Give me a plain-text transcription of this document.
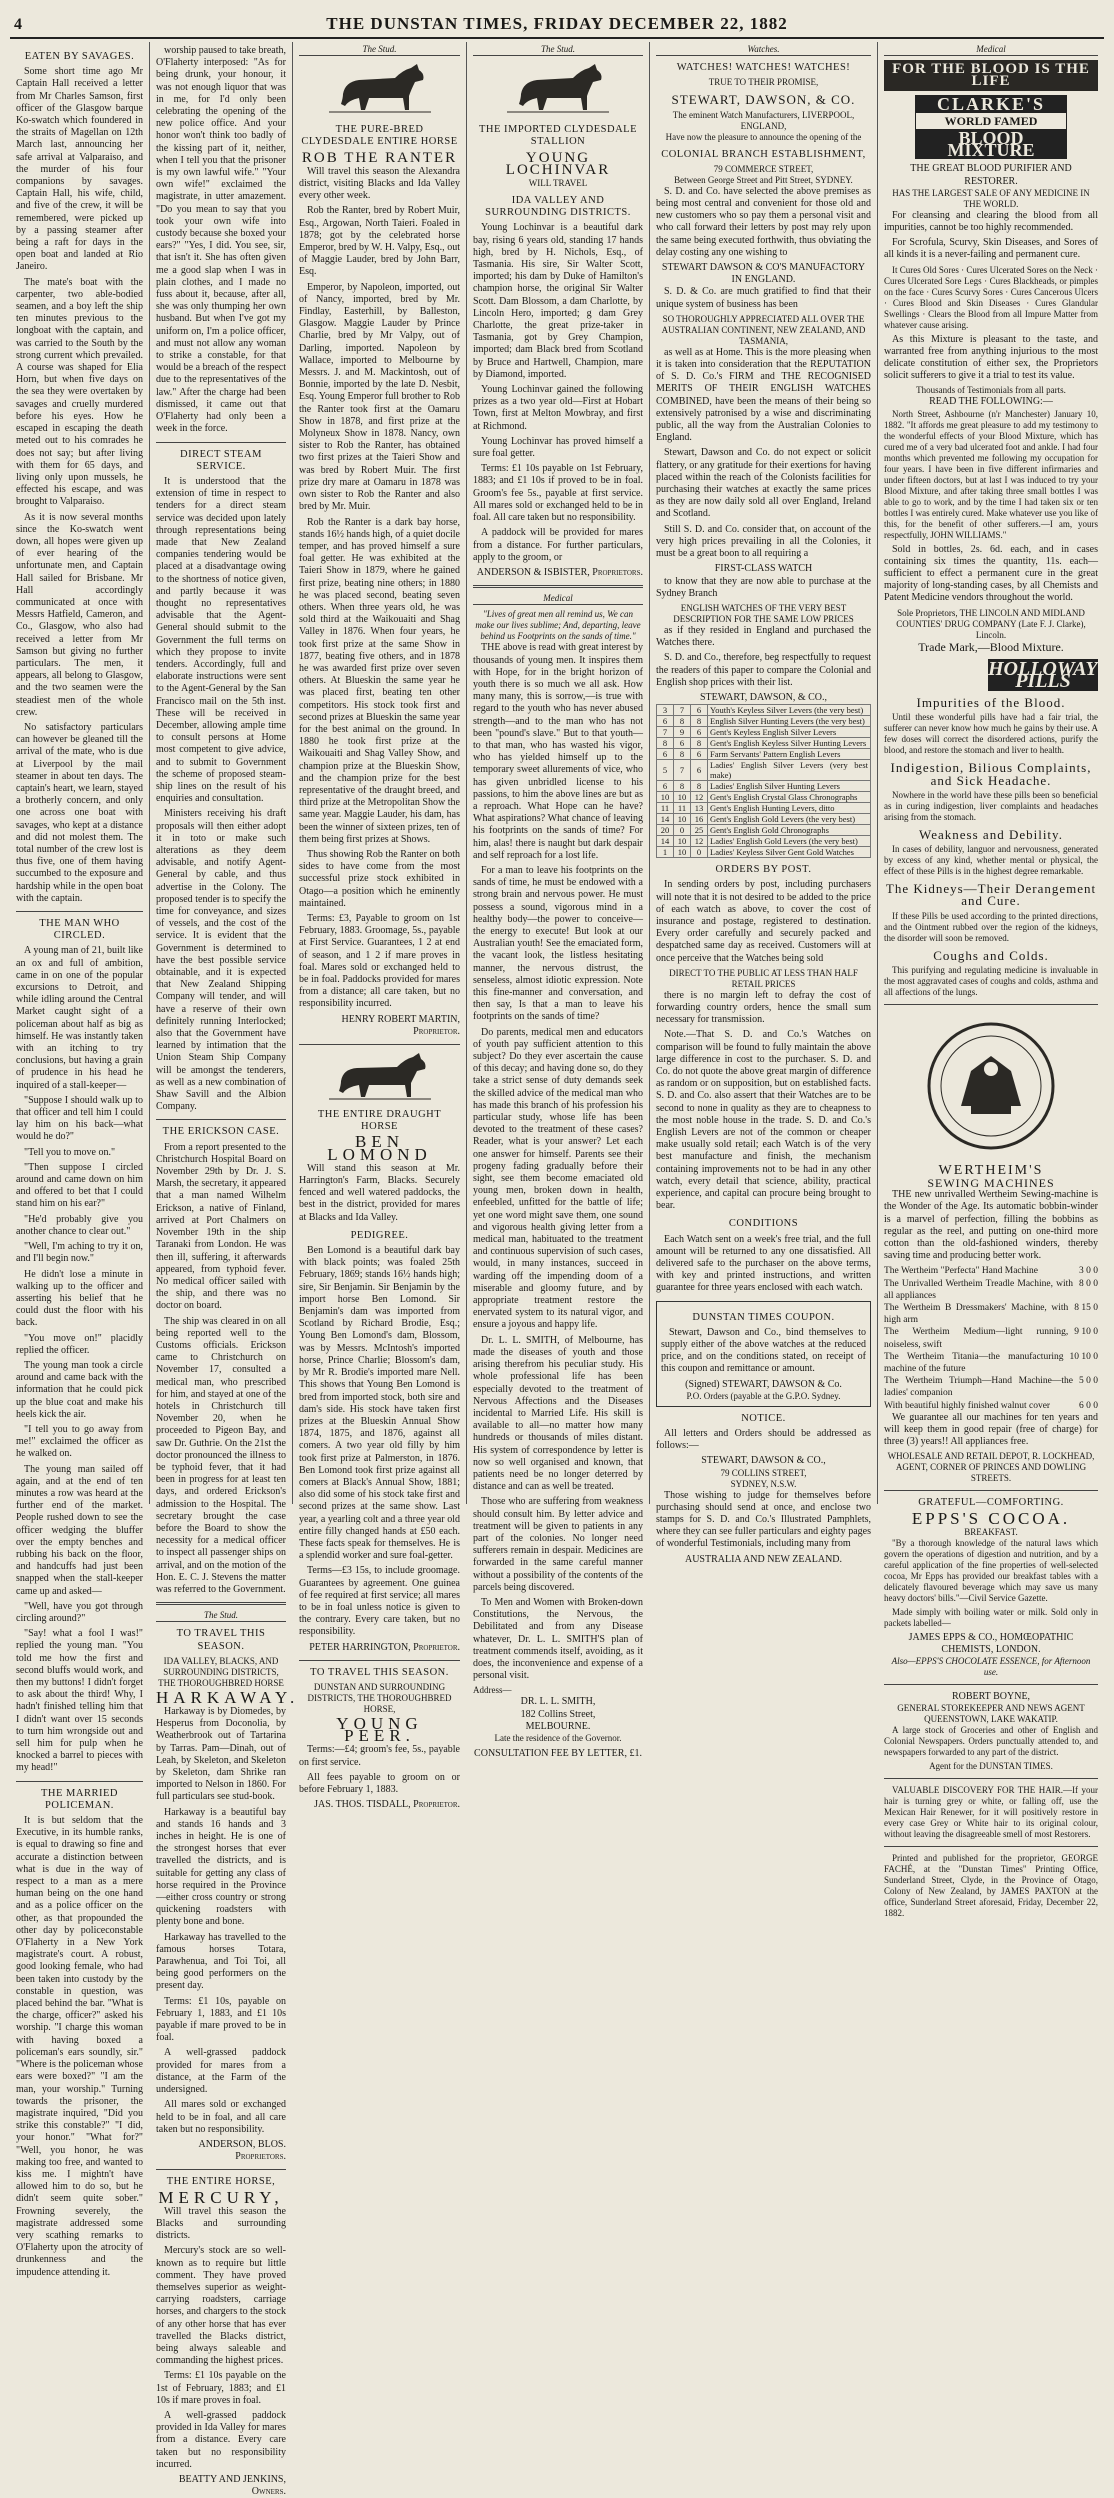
4	THE DUNSTAN TIMES, FRIDAY DECEMBER 22, 1882
EATEN BY SAVAGES.

Some short time ago Mr Captain Hall received a letter from Mr Charles Samson, first officer of the Glasgow barque Ko-swatch which foundered in the straits of Magellan on 12th March last, announcing her safe arrival at Valparaiso, and the murder of his four companions by savages. Captain Hall, his wife, child, and five of the crew, it will be remembered, were picked up by a passing steamer after being a raft for days in the open boat and landed at Rio Janeiro.

The mate's boat with the carpenter, two able-bodied seamen, and a boy left the ship ten minutes previous to the longboat with the captain, and was carried to the South by the strong current which prevailed. A course was shaped for Elia Horn, but when five days on the sea they were overtaken by savages and cruelly murdered before his eyes. How he escaped in escaping the death meted out to his comrades he does not say; but after living with them for 65 days, and living only upon mussels, he effected his escape, and was brought to Valparaiso.

As it is now several months since the Ko-swatch went down, all hopes were given up of ever hearing of the unfortunate men, and Captain Hall sailed for Brisbane. Mr Hall accordingly communicated at once with Messrs Hatfield, Cameron, and Co., Glasgow, who also had received a letter from Mr Samson but giving no further particulars. The men, it appears, all belong to Glasgow, and the two seamen were the steadiest men of the whole crew.

No satisfactory particulars can however be gleaned till the arrival of the mate, who is due at Liverpool by the mail steamer in about ten days. The captain's heart, we learn, stayed a brotherly concern, and only one across one boat with savages, who kept at a distance and did not molest them. The total number of the crew lost is thus five, one of them having succumbed to the exposure and hardship while in the open boat with the captain.

THE MAN WHO CIRCLED.

A young man of 21, built like an ox and full of ambition, came in on one of the popular excursions to Detroit, and while idling around the Central Market caught sight of a policeman about half as big as himself. He was instantly taken with an itching to try conclusions, but having a grain of prudence in his head he inquired of a stall-keeper—

"Suppose I should walk up to that officer and tell him I could lay him on his back—what would he do?"

"Tell you to move on."

"Then suppose I circled around and came down on him and offered to bet that I could stand him on his ear?"

"He'd probably give you another chance to clear out."

"Well, I'm aching to try it on, and I'll begin now."

He didn't lose a minute in walking up to the officer and asserting his belief that he could dust the floor with his back.

"You move on!" placidly replied the officer.

The young man took a circle around and came back with the information that he could pick up the blue coat and make his heels kick the air.

"I tell you to go away from me!" exclaimed the officer as he walked on.

The young man sailed off again, and at the end of ten minutes a row was heard at the further end of the market. People rushed down to see the officer wedging the bluffer over the empty benches and rubbing his back on the floor, and handcuffs had just been snapped when the stall-keeper came up and asked—

"Well, have you got through circling around?"

"Say! what a fool I was!" replied the young man. "You told me how the first and second bluffs would work, and then my buttons! I didn't forget to ask about the third! Why, I hadn't finished telling him that I didn't want over 15 seconds to turn him wrongside out and sell him for pulp when he knocked a barrel to pieces with my head!"

THE MARRIED POLICEMAN.

It is but seldom that the Executive, in its humble ranks, is equal to drawing so fine and accurate a distinction between what is due in the way of respect to a man as a mere human being on the one hand and as a police officer on the other, as that propounded the other day by policeconstable O'Flaherty in a New York magistrate's court. A robust, good looking female, who had been taken into custody by the constable in question, was placed behind the bar. "What is the charge, officer?" asked his worship. "I charge this woman with having boxed a policeman's ears soundly, sir." "Where is the policeman whose ears were boxed?" "I am the man, your worship." Turning towards the prisoner, the magistrate inquired, "Did you strike this constable?" "I did, your honor." "What for?" "Well, you honor, he was making too free, and wanted to kiss me. I mightn't have allowed him to do so, but he didn't seem quite sober." Frowning severely, the magistrate addressed some very scathing remarks to O'Flaherty upon the atrocity of drunkenness and the impudence attending it.

worship paused to take breath, O'Flaherty interposed: "As for being drunk, your honour, it was not enough liquor that was in me, for I'd only been celebrating the opening of the new police office. And your honor won't think too badly of the kissing part of it, neither, when I tell you that the prisoner is my own lawful wife." "Your own wife!" exclaimed the magistrate, in utter amazement. "Do you mean to say that you took your own wife into custody because she boxed your ears?" "Yes, I did. You see, sir, that isn't it. She has often given me a good slap when I was in plain clothes, and I made no fuss about it, because, after all, she was only thumping her own husband. But when I've got my uniform on, I'm a police officer, and must not allow any woman to strike a constable, for that would be a breach of the respect due to the representatives of the law." After the charge had been dismissed, it came out that O'Flaherty had only been a week in the force.

DIRECT STEAM SERVICE.

It is understood that the extension of time in respect to tenders for a direct steam service was decided upon lately through representations being made that New Zealand companies tendering would be placed at a disadvantage owing to the shortness of notice given, and partly because it was thought no representatives advisable that the Agent-General should submit to the Government the full terms on which they propose to invite tenders. Accordingly, full and elaborate instructions were sent to the Agent-General by the San Francisco mail on the 5th inst. These will be received in December, allowing ample time to consult persons at Home most competent to give advice, and to submit to Government the scheme of proposed steam-ship lines on the result of his enquiries and consultation.

Ministers receiving his draft proposals will then either adopt it in toto or make such alterations as they deem advisable, and notify Agent-General by cable, and thus advertise in the Colony. The proposed tender is to specify the time for conveyance, and sizes of vessels, and the cost of the service. It is evident that the Government is determined to have the best possible service obtainable, and it is expected that New Zealand Shipping Company will tender, and will have a reserve of their own definitely running Interlocked; also that the Government have learned by intimation that the Union Steam Ship Company will be amongst the tenderers, as well as a new combination of Shaw Savill and the Albion Company.

THE ERICKSON CASE.

From a report presented to the Christchurch Hospital Board on November 29th by Dr. J. S. Marsh, the secretary, it appeared that a man named Wilhelm Erickson, a native of Finland, arrived at Port Chalmers on November 19th in the ship Taranaki from London. He was then ill, suffering, it afterwards appeared, from typhoid fever. No medical officer sailed with the ship, and there was no doctor on board.

The ship was cleared in on all being reported well to the Customs officials. Erickson came to Christchurch on November 17, consulted a medical man, who prescribed for him, and stayed at one of the hotels in Christchurch till November 20, when he proceeded to Pigeon Bay, and saw Dr. Guthrie. On the 21st the doctor pronounced the illness to be typhoid fever, that it had been in progress for at least ten days, and ordered Erickson's admission to the Hospital. The secretary brought the case before the Board to show the necessity for a medical officer to inspect all passenger ships on arrival, and on the motion of the Hon. E. C. J. Stevens the matter was referred to the Government.

The Stud.
TO TRAVEL THIS SEASON.
IDA VALLEY, BLACKS, AND SURROUNDING DISTRICTS, THE THOROUGHBRED HORSE
HARKAWAY.

Harkaway is by Diomedes, by Hesperus from Doconolia, by Weatherbrook out of Tartarina by Tarras. Pam—Dinah, out of Leah, by Skeleton, and Skeleton by Skeleton, dam Shrike ran imported to Nelson in 1860. For full particulars see stud-book.

Harkaway is a beautiful bay and stands 16 hands and 3 inches in height. He is one of the strongest horses that ever travelled the districts, and is suitable for getting any class of horse required in the Province—either cross country or strong quickening roadsters with plenty bone and bone.

Harkaway has travelled to the famous horses Totara, Parawhenua, and Toi Toi, all being good performers on the present day.

Terms: £1 10s, payable on February 1, 1883, and £1 10s payable if mare proved to be in foal.

A well-grassed paddock provided for mares from a distance, at the Farm of the undersigned.

All mares sold or exchanged held to be in foal, and all care taken but no responsibility.

ANDERSON, BLOS. Proprietors.
THE ENTIRE HORSE,
MERCURY,

Will travel this season the Blacks and surrounding districts.

Mercury's stock are so well-known as to require but little comment. They have proved themselves superior as weight-carrying roadsters, carriage horses, and chargers to the stock of any other horse that has ever travelled the Blacks district, being always saleable and commanding the highest prices.

Terms: £1 10s payable on the 1st of February, 1883; and £1 10s if mare proves in foal.

A well-grassed paddock provided in Ida Valley for mares from a distance. Every care taken but no responsibility incurred.

BEATTY AND JENKINS, Owners.
The Stud.
THE PURE-BRED CLYDESDALE ENTIRE HORSE
ROB THE RANTER

Will travel this season the Alexandra district, visiting Blacks and Ida Valley every other week.

Rob the Ranter, bred by Robert Muir, Esq., Argowan, North Taieri. Foaled in 1878; got by the celebrated horse Emperor, bred by W. H. Valpy, Esq., out of Maggie Lauder, bred by John Barr, Esq.

Emperor, by Napoleon, imported, out of Nancy, imported, bred by Mr. Findlay, Easterhill, by Balleston, Glasgow. Maggie Lauder by Prince Charlie, bred by Mr Valpy, out of Darling, imported. Napoleon by Wallace, imported to Melbourne by Messrs. J. and M. Mackintosh, out of Bonnie, imported by the late D. Nesbit, Esq. Young Emperor full brother to Rob the Ranter took first at the Oamaru Show in 1878, and first prize at the Molyneux Show in 1878. Nancy, own sister to Rob the Ranter, has obtained two first prizes at the Taieri Show and was bred by Robert Muir. The first prize dry mare at Oamaru in 1878 was own sister to Rob the Ranter and also bred by Mr. Muir.

Rob the Ranter is a dark bay horse, stands 16½ hands high, of a quiet docile temper, and has proved himself a sure foal getter. He was exhibited at the Taieri Show in 1879, where he gained first prize, beating nine others; in 1880 he was placed second, beating seven others. When three years old, he was sold third at the Waikouaiti and Shag Valley in 1876. When four years, he took first prize at the same Show in 1877, beating five others, and in 1878 he was awarded first prize over seven others. At Blueskin the same year he was placed first, beating ten other competitors. His stock took first and second prizes at Blueskin the same year for the best animal on the ground. In 1880 he took first prize at the Waikouaiti and Shag Valley Show, and champion prize at the Blueskin Show, and the champion prize for the best representative of the draught breed, and third prize at the Metropolitan Show the same year. Maggie Lauder, his dam, has been the winner of sixteen prizes, ten of them being first prizes at Shows.

Thus showing Rob the Ranter on both sides to have come from the most successful prize stock exhibited in Otago—a position which he eminently maintained.

Terms: £3, Payable to groom on 1st February, 1883. Groomage, 5s., payable at First Service. Guarantees, 1 2 at end of season, and 1 2 if mare proves in foal. Mares sold or exchanged held to be in foal. Paddocks provided for mares from a distance; all care taken, but no responsibility incurred.

HENRY ROBERT MARTIN, Proprietor.
THE ENTIRE DRAUGHT HORSE
BEN LOMOND

Will stand this season at Mr. Harrington's Farm, Blacks. Securely fenced and well watered paddocks, the best in the district, provided for mares at Blacks and Ida Valley.

PEDIGREE.

Ben Lomond is a beautiful dark bay with black points; was foaled 25th February, 1869; stands 16½ hands high; sire, Sir Benjamin. Sir Benjamin by the import horse Ben Lomond. Sir Benjamin's dam was imported from Scotland by Richard Brodie, Esq.; Young Ben Lomond's dam, Blossom, was by Messrs. McIntosh's imported horse, Prince Charlie; Blossom's dam, by Mr R. Brodie's imported mare Nell. This shows that Young Ben Lomond is bred from imported stock, both sire and dam's side. His stock have taken first prizes at the Blueskin Annual Show 1874, 1875, and 1876, against all comers. A two year old filly by him took first prize at Palmerston, in 1876. Ben Lomond took first prize against all comers at Black's Annual Show, 1881; also did some of his stock take first and second prizes at the same show. Last year, a yearling colt and a three year old entire filly changed hands at £50 each. These facts speak for themselves. He is a splendid worker and sure foal-getter.

Terms—£3 15s, to include groomage. Guarantees by agreement. One guinea of fee required at first service; all mares to be in foal unless notice is given to the contrary. Every care taken, but no responsibility.

PETER HARRINGTON, Proprietor.
TO TRAVEL THIS SEASON.
DUNSTAN AND SURROUNDING DISTRICTS, THE THOROUGHBRED HORSE,
YOUNG PEER.

Terms:—£4; groom's fee, 5s., payable on first service.

All fees payable to groom on or before February 1, 1883.

JAS. THOS. TISDALL, Proprietor.
The Stud.
THE IMPORTED CLYDESDALE STALLION
YOUNG LOCHINVAR
WILL TRAVEL
IDA VALLEY AND SURROUNDING DISTRICTS.

Young Lochinvar is a beautiful dark bay, rising 6 years old, standing 17 hands high, bred by H. Nichols, Esq., of Tasmania. His sire, Sir Walter Scott, imported; his dam by Duke of Hamilton's champion horse, the original Sir Walter Scott. Dam Blossom, a dam Charlotte, by Lincoln Hero, imported; g dam Grey Charlotte, the great prize-taker in Tasmania, got by Grey Champion, imported; dam Black bred from Scotland by Bruce and Hartwell, Champion, mare by Diamond, imported.

Young Lochinvar gained the following prizes as a two year old—First at Hobart Town, first at Melton Mowbray, and first at Richmond.

Young Lochinvar has proved himself a sure foal getter.

Terms: £1 10s payable on 1st February, 1883; and £1 10s if proved to be in foal. Groom's fee 5s., payable at first service. All mares sold or exchanged held to be in foal. All care taken but no responsibility.

A paddock will be provided for mares from a distance. For further particulars, apply to the groom, or

ANDERSON & ISBISTER, Proprietors.
Medical
"Lives of great men all remind us, We can make our lives sublime; And, departing, leave behind us Footprints on the sands of time."

THE above is read with great interest by thousands of young men. It inspires them with Hope, for in the bright horizon of youth there is so much we all ask. How many many, this is sorrow,—is true with regard to the youth who has never abused strength—and to the man who has not been "pound's slave." But to that youth—to that man, who has wasted his vigor, who has yielded himself up to the temporary sweet allurements of vice, who has given unbridled license to his passions, to him the above lines are but as a reproach. What Hope can he have? What aspirations? What chance of leaving his footprints on the sands of time? For him, alas! there is naught but dark despair and self reproach for a lost life.

For a man to leave his footprints on the sands of time, he must be endowed with a strong brain and nervous power. He must possess a sound, vigorous mind in a healthy body—the power to conceive—the energy to execute! But look at our Australian youth! See the emaciated form, the vacant look, the listless hesitating manner, the nervous distrust, the senseless, almost idiotic expression. Note this fine-manner and conversation, and then say, Is that a man to leave his footprints on the sands of time?

Do parents, medical men and educators of youth pay sufficient attention to this subject? Do they ever ascertain the cause of this decay; and having done so, do they take a strict sense of duty demands seek the skilled advice of the medical man who has made this branch of his profession his particular study, whose life has been devoted to the treatment of these cases? Reader, what is your answer? Let each one answer for himself. Parents see their progeny fading gradually before their sight, see them become emaciated old young men, broken down in health, enfeebled, unfitted for the battle of life; yet one word might save them, one sound and vigorous health giving letter from a medical man, habituated to the treatment and continuous supervision of such cases, would, in many instances, succeed in warding off the impending doom of a miserable and gloomy future, and by appropriate treatment restore the enervated system to its natural vigor, and ensure a joyous and happy life.

Dr. L. L. SMITH, of Melbourne, has made the diseases of youth and those arising therefrom his peculiar study. His whole professional life has been especially devoted to the treatment of Nervous Affections and the Diseases incidental to Married Life. His skill is available to all—no matter how many hundreds or thousands of miles distant. His system of correspondence by letter is now so well organised and known, that patients need be no longer deterred by distance and can as well be treated.

Those who are suffering from weakness should consult him. By letter advice and treatment will be given to patients in any part of the colonies. No longer need sufferers remain in despair. Medicines are forwarded in the same careful manner without a possibility of the contents of the parcels being discovered.

To Men and Women with Broken-down Constitutions, the Nervous, the Debilitated and from any Disease whatever, Dr. L. L. SMITH'S plan of treatment commends itself, avoiding, as it does, the inconvenience and expense of a personal visit.

Address—
DR. L. L. SMITH,
182 Collins Street,
MELBOURNE.
Late the residence of the Governor.
CONSULTATION FEE BY LETTER, £1.
Watches.
WATCHES! WATCHES! WATCHES!
TRUE TO THEIR PROMISE,
STEWART, DAWSON, & CO.
The eminent Watch Manufacturers, LIVERPOOL, ENGLAND,
Have now the pleasure to announce the opening of the
COLONIAL BRANCH ESTABLISHMENT,
79 COMMERCE STREET,
Between George Street and Pitt Street, SYDNEY.

S. D. and Co. have selected the above premises as being most central and convenient for those old and new customers who so pay them a personal visit and who call forward their letters by post may rely upon the same being executed forthwith, thus obviating the delay costing any one wishing to

STEWART DAWSON & CO'S MANUFACTORY IN ENGLAND.

S. D. & Co. are much gratified to find that their unique system of business has been

SO THOROUGHLY APPRECIATED ALL OVER THE AUSTRALIAN CONTINENT, NEW ZEALAND, AND TASMANIA,

as well as at Home. This is the more pleasing when it is taken into consideration that the REPUTATION of S. D. Co.'s FIRM and THE RECOGNISED MERITS OF THEIR ENGLISH WATCHES COMBINED, have been the means of their being so extensively patronised by a wise and discriminating public, all the way from the Australian Colonies to England.

Stewart, Dawson and Co. do not expect or solicit flattery, or any gratitude for their exertions for having placed within the reach of the Colonists facilities for purchasing their watches at exactly the same prices as they are now daily sold all over England, Ireland and Scotland.

Still S. D. and Co. consider that, on account of the very high prices prevailing in all the Colonies, it must be a great boon to all requiring a

FIRST-CLASS WATCH

to know that they are now able to purchase at the Sydney Branch

ENGLISH WATCHES OF THE VERY BEST DESCRIPTION FOR THE SAME LOW PRICES

as if they resided in England and purchased the Watches there.

S. D. and Co., therefore, beg respectfully to request the readers of this paper to compare the Colonial and English shop prices with their list.

STEWART, DAWSON, & CO.,
3	7	6	Youth's Keyless Silver Levers (the very best)
6	8	8	English Silver Hunting Levers (the very best)
7	9	6	Gent's Keyless English Silver Levers
8	6	8	Gent's English Keyless Silver Hunting Levers
6	8	6	Farm Servants' Pattern English Levers
5	7	6	Ladies' English Silver Levers (very best make)
6	8	8	Ladies' English Silver Hunting Levers
10	10	12	Gent's English Crystal Glass Chronographs
11	11	13	Gent's English Hunting Levers, ditto
14	10	16	Gent's English Gold Levers (the very best)
20	0	25	Gent's English Gold Chronographs
14	10	12	Ladies' English Gold Levers (the very best)
1	10	0	Ladies' Keyless Silver Gent Gold Watches
ORDERS BY POST.

In sending orders by post, including purchasers will note that it is not desired to be added to the price of each watch as above, to cover the cost of insurance and postage, registered to destination. Every order carefully and securely packed and despatched same day as received. Customers will at once perceive that the Watches being sold

DIRECT TO THE PUBLIC AT LESS THAN HALF RETAIL PRICES

there is no margin left to defray the cost of forwarding country orders, hence the small sum necessary for transmission.

Note.—That S. D. and Co.'s Watches on comparison will be found to fully maintain the above large difference in cost to the purchaser. S. D. and Co. do not quote the above great margin of difference as random or on supposition, but on established facts. S. D. and Co. also assert that their Watches are to be second to none in quality as they are to cheapness to the most noble house in the trade. S. D. and Co.'s English Levers are not of the common or cheaper make usually sold retail; each Watch is of the very best manufacture and finish, the mechanism containing improvements not to be had in any other watch, every detail that science, ability, practical experience, and capital can procure being brought to bear.

CONDITIONS

Each Watch sent on a week's free trial, and the full amount will be returned to any one dissatisfied. All delivered safe to the purchaser on the above terms, with key and printed instructions, and written guarantee for three years enclosed with each watch.

DUNSTAN TIMES COUPON.

Stewart, Dawson and Co., bind themselves to supply either of the above watches at the reduced price, and on the conditions stated, on receipt of this coupon and remittance or amount.

(Signed) STEWART, DAWSON & Co.
P.O. Orders (payable at the G.P.O. Sydney.
NOTICE.

All letters and Orders should be addressed as follows:—

STEWART, DAWSON & CO.,
79 COLLINS STREET,
SYDNEY, N.S.W.

Those wishing to judge for themselves before purchasing should send at once, and enclose two stamps for S. D. and Co.'s Illustrated Pamphlets, where they can see fuller particulars and eighty pages of wonderful Testimonials, including many from

AUSTRALIA AND NEW ZEALAND.
Medical
FOR THE BLOOD IS THE LIFE
CLARKE'S
WORLD FAMED
BLOOD MIXTURE
THE GREAT BLOOD PURIFIER AND RESTORER.
HAS THE LARGEST SALE OF ANY MEDICINE IN THE WORLD.

For cleansing and clearing the blood from all impurities, cannot be too highly recommended.

For Scrofula, Scurvy, Skin Diseases, and Sores of all kinds it is a never-failing and permanent cure.

It Cures Old Sores · Cures Ulcerated Sores on the Neck · Cures Ulcerated Sore Legs · Cures Blackheads, or pimples on the face · Cures Scurvy Sores · Cures Cancerous Ulcers · Cures Blood and Skin Diseases · Cures Glandular Swellings · Clears the Blood from all Impure Matter from whatever cause arising.

As this Mixture is pleasant to the taste, and warranted free from anything injurious to the most delicate constitution of either sex, the Proprietors solicit sufferers to give it a trial to test its value.

Thousands of Testimonials from all parts.
READ THE FOLLOWING:—

North Street, Ashbourne (n'r Manchester) January 10, 1882. "It affords me great pleasure to add my testimony to the wonderful effects of your Blood Mixture, which has cured me of a very bad ulcerated foot and ankle. I had four months which prevented me following my occupation for four years. I have been in five different infirmaries and under fifteen doctors, but at last I was induced to try your Blood Mixture, and after taking three small bottles I was able to go to work, and by the time I had taken six or ten bottles I was entirely cured. Make whatever use you like of this, for the benefit of other sufferers.—I am, yours respectfully, JOHN WILLIAMS."

Sold in bottles, 2s. 6d. each, and in cases containing six times the quantity, 11s. each—sufficient to effect a permanent cure in the great majority of long-standing cases, by all Chemists and Patent Medicine vendors throughout the world.

Sole Proprietors, THE LINCOLN AND MIDLAND COUNTIES' DRUG COMPANY (Late F. J. Clarke), Lincoln.
Trade Mark,—Blood Mixture.
HOLLOWAY'S PILLS
Impurities of the Blood.

Until these wonderful pills have had a fair trial, the sufferer can never know how much he gains by their use. A few doses will correct the disordered actions, purify the blood, and restore the stomach and liver to health.

Indigestion, Bilious Complaints, and Sick Headache.

Nowhere in the world have these pills been so beneficial as in curing indigestion, liver complaints and headaches arising from the stomach.

Weakness and Debility.

In cases of debility, languor and nervousness, generated by excess of any kind, whether mental or physical, the effect of these Pills is in the highest degree remarkable.

The Kidneys—Their Derangement and Cure.

If these Pills be used according to the printed directions, and the Ointment rubbed over the region of the kidneys, the disorder will soon be removed.

Coughs and Colds.

This purifying and regulating medicine is invaluable in the most aggravated cases of coughs and colds, asthma and all affections of the lungs.

WERTHEIM'S
SEWING MACHINES

THE new unrivalled Wertheim Sewing-machine is the Wonder of the Age. Its automatic bobbin-winder is a marvel of perfection, filling the bobbins as regular as the reel, and putting on one-third more cotton than the old-fashioned winders, thereby saving time and producing better work.

The Wertheim "Perfecta" Hand Machine	3 0 0
The Unrivalled Wertheim Treadle Machine, with all appliances
8 0 0
The Wertheim B Dressmakers' Machine, with high arm
8 15 0
The Wertheim Medium—light running, noiseless, swift
9 10 0
The Wertheim Titania—the manufacturing machine of the future
10 10 0
The Wertheim Triumph—Hand Machine—the ladies' companion
5 0 0
With beautiful highly finished walnut cover	6 0 0

We guarantee all our machines for ten years and will keep them in good repair (free of charge) for three (3) years!! All appliances free.

WHOLESALE AND RETAIL DEPOT, R. LOCKHEAD, AGENT, CORNER OF PRINCES AND DOWLING STREETS.
GRATEFUL—COMFORTING.
EPPS'S COCOA.
BREAKFAST.

"By a thorough knowledge of the natural laws which govern the operations of digestion and nutrition, and by a careful application of the fine properties of well-selected cocoa, Mr Epps has provided our breakfast tables with a delicately flavoured beverage which may save us many heavy doctors' bills."—Civil Service Gazette.

Made simply with boiling water or milk. Sold only in packets labelled—

JAMES EPPS & CO., HOMŒOPATHIC CHEMISTS, LONDON.
Also—EPPS'S CHOCOLATE ESSENCE, for Afternoon use.
ROBERT BOYNE,
GENERAL STOREKEEPER AND NEWS AGENT QUEENSTOWN, LAKE WAKATIP.

A large stock of Groceries and other of English and Colonial Newspapers. Orders punctually attended to, and newspapers forwarded to any part of the district.

Agent for the DUNSTAN TIMES.

VALUABLE DISCOVERY FOR THE HAIR.—If your hair is turning grey or white, or falling off, use the Mexican Hair Renewer, for it will positively restore in every case Grey or White hair to its original colour, without leaving the disagreeable smell of most Restorers.

Printed and published for the proprietor, GEORGE FACHÉ, at the "Dunstan Times" Printing Office, Sunderland Street, Clyde, in the Province of Otago, Colony of New Zealand, by JAMES PAXTON at the office, Sunderland Street aforesaid, Friday, December 22, 1882.
